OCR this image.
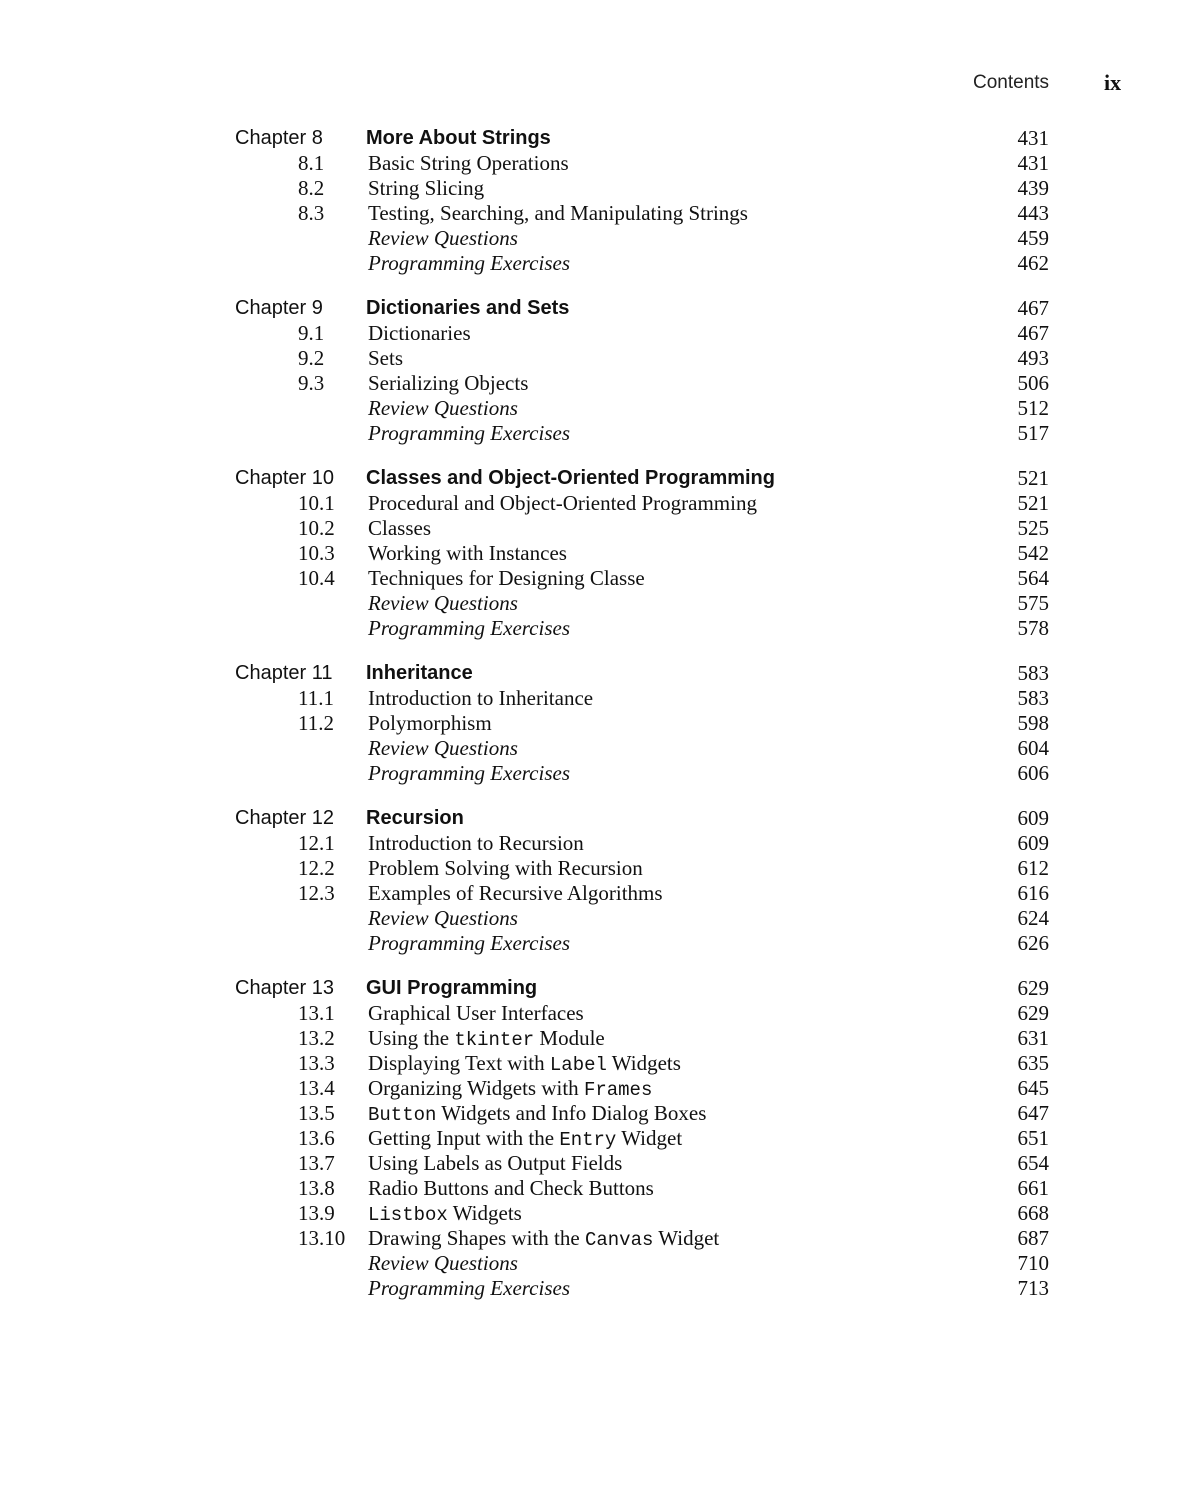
Contents ix
Chapter 8 More About Strings	431
8.1 Basic String Operations	431
8.2 String Slicing	439
8.3 Testing, Searching, and Manipulating Strings	443
Review Questions	459
Programming Exercises	462
Chapter 9 Dictionaries and Sets	467
9.1 Dictionaries	467
9.2 Sets	493
9.3 Serializing Objects	506
Review Questions	512
Programming Exercises	517
Chapter 10 Classes and Object-Oriented Programming	521
10.1 Procedural and Object-Oriented Programming	521
10.2 Classes	525
10.3 Working with Instances	542
10.4 Techniques for Designing Classe	564
Review Questions	575
Programming Exercises	578
Chapter 11 Inheritance	583
11.1 Introduction to Inheritance	583
11.2 Polymorphism	598
Review Questions	604
Programming Exercises	606
Chapter 12 Recursion	609
12.1 Introduction to Recursion	609
12.2 Problem Solving with Recursion	612
12.3 Examples of Recursive Algorithms	616
Review Questions	624
Programming Exercises	626
Chapter 13 GUI Programming	629
13.1 Graphical User Interfaces	629
13.2 Using the tkinter Module	631
13.3 Displaying Text with Label Widgets	635
13.4 Organizing Widgets with Frames	645
13.5 Button Widgets and Info Dialog Boxes	647
13.6 Getting Input with the Entry Widget	651
13.7 Using Labels as Output Fields	654
13.8 Radio Buttons and Check Buttons	661
13.9 Listbox Widgets	668
13.10 Drawing Shapes with the Canvas Widget	687
Review Questions	710
Programming Exercises	713
